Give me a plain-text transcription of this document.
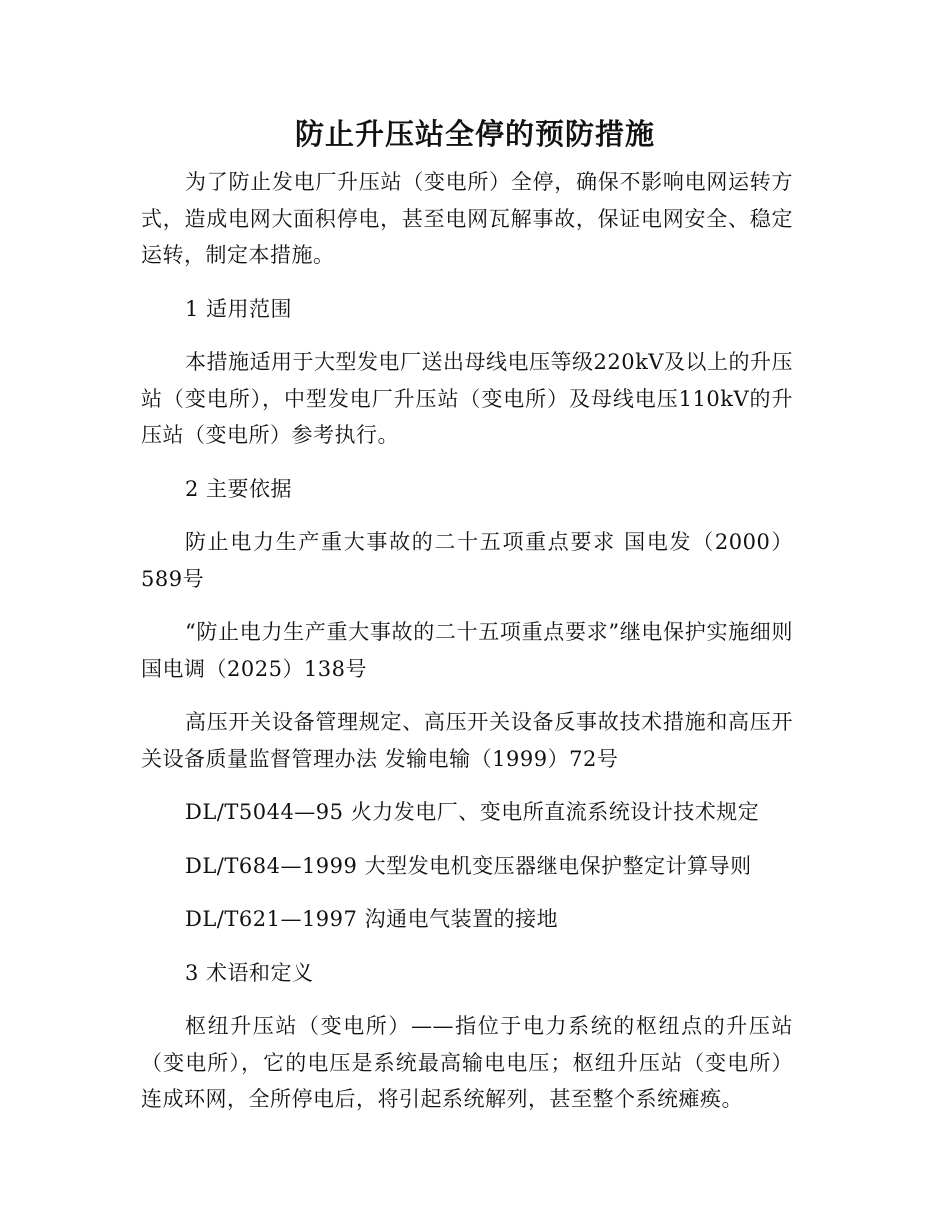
防止升压站全停的预防措施

为了防止发电厂升压站（变电所）全停，确保不影响电网运转方式，造成电网大面积停电，甚至电网瓦解事故，保证电网安全、稳定运转，制定本措施。

1 适用范围

本措施适用于大型发电厂送出母线电压等级220kV及以上的升压站（变电所），中型发电厂升压站（变电所）及母线电压110kV的升压站（变电所）参考执行。

2 主要依据

防止电力生产重大事故的二十五项重点要求 国电发（2000）589号

“防止电力生产重大事故的二十五项重点要求”继电保护实施细则 国电调（2025）138号

高压开关设备管理规定、高压开关设备反事故技术措施和高压开关设备质量监督管理办法 发输电输（1999）72号

DL/T5044—95 火力发电厂、变电所直流系统设计技术规定

DL/T684—1999 大型发电机变压器继电保护整定计算导则

DL/T621—1997 沟通电气装置的接地

3 术语和定义

枢纽升压站（变电所）——指位于电力系统的枢纽点的升压站（变电所），它的电压是系统最高输电电压；枢纽升压站（变电所）连成环网，全所停电后，将引起系统解列，甚至整个系统瘫痪。
